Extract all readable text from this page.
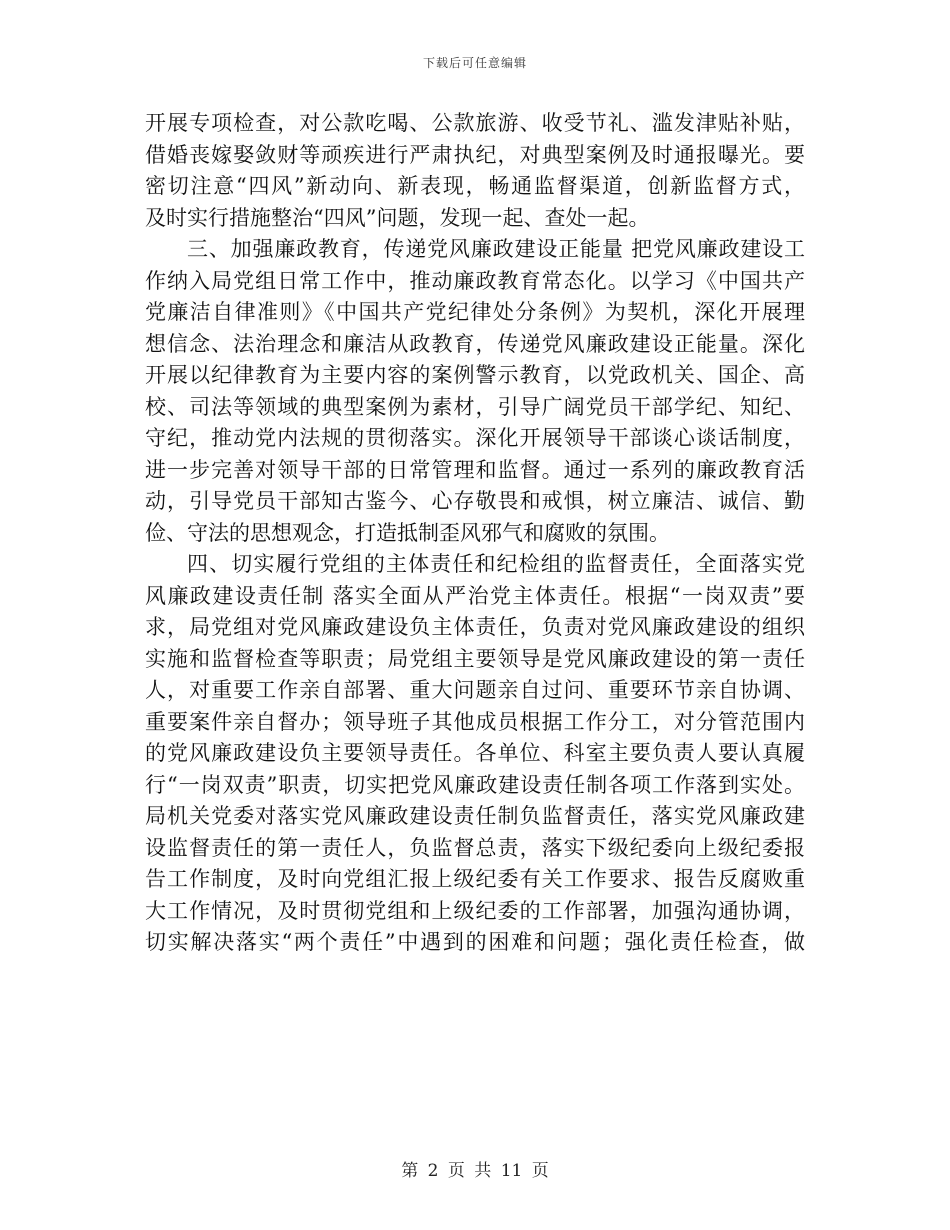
下载后可任意编辑
开展专项检查，对公款吃喝、公款旅游、收受节礼、滥发津贴补贴，
借婚丧嫁娶敛财等顽疾进行严肃执纪，对典型案例及时通报曝光。要
密切注意“四风”新动向、新表现，畅通监督渠道，创新监督方式，
及时实行措施整治“四风”问题，发现一起、查处一起。
三、加强廉政教育，传递党风廉政建设正能量 把党风廉政建设工
作纳入局党组日常工作中，推动廉政教育常态化。以学习《中国共产
党廉洁自律准则》《中国共产党纪律处分条例》为契机，深化开展理
想信念、法治理念和廉洁从政教育，传递党风廉政建设正能量。深化
开展以纪律教育为主要内容的案例警示教育，以党政机关、国企、高
校、司法等领域的典型案例为素材，引导广阔党员干部学纪、知纪、
守纪，推动党内法规的贯彻落实。深化开展领导干部谈心谈话制度，
进一步完善对领导干部的日常管理和监督。通过一系列的廉政教育活
动，引导党员干部知古鉴今、心存敬畏和戒惧，树立廉洁、诚信、勤
俭、守法的思想观念，打造抵制歪风邪气和腐败的氛围。
四、切实履行党组的主体责任和纪检组的监督责任，全面落实党
风廉政建设责任制 落实全面从严治党主体责任。根据“一岗双责”要
求，局党组对党风廉政建设负主体责任，负责对党风廉政建设的组织
实施和监督检查等职责；局党组主要领导是党风廉政建设的第一责任
人，对重要工作亲自部署、重大问题亲自过问、重要环节亲自协调、
重要案件亲自督办；领导班子其他成员根据工作分工，对分管范围内
的党风廉政建设负主要领导责任。各单位、科室主要负责人要认真履
行“一岗双责”职责，切实把党风廉政建设责任制各项工作落到实处。
局机关党委对落实党风廉政建设责任制负监督责任，落实党风廉政建
设监督责任的第一责任人，负监督总责，落实下级纪委向上级纪委报
告工作制度，及时向党组汇报上级纪委有关工作要求、报告反腐败重
大工作情况，及时贯彻党组和上级纪委的工作部署，加强沟通协调，
切实解决落实“两个责任”中遇到的困难和问题；强化责任检查，做
第 2 页 共 11 页
